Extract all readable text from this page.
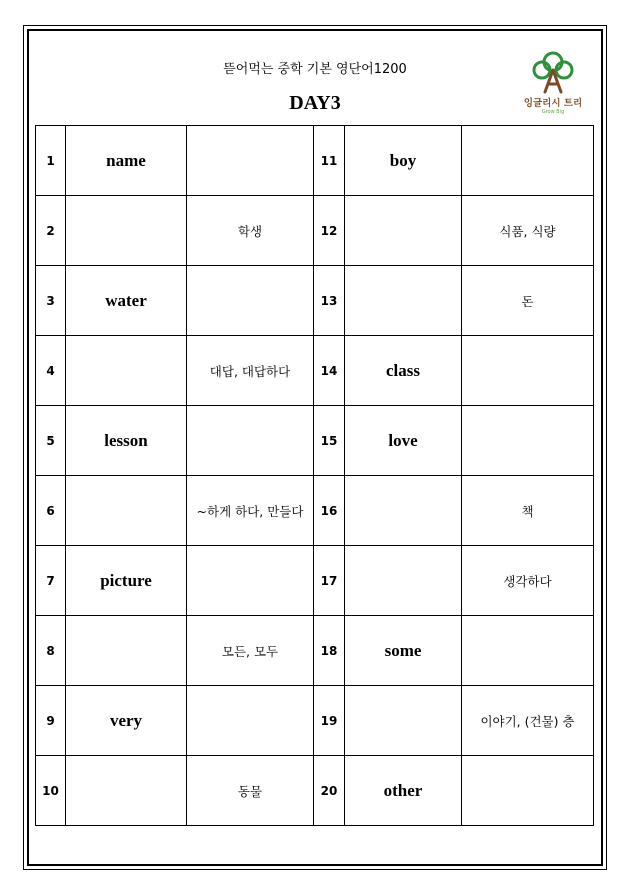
뜯어먹는 중학 기본 영단어1200
DAY3	잉글리시 트리
Grow Big
1	name		11	boy	
2		학생	12		식품, 식량
3	water		13		돈
4		대답, 대답하다	14	class	
5	lesson		15	love	
6		~하게 하다, 만들다	16		책
7	picture		17		생각하다
8		모든, 모두	18	some	
9	very		19		이야기, (건물) 층
10		동물	20	other	
